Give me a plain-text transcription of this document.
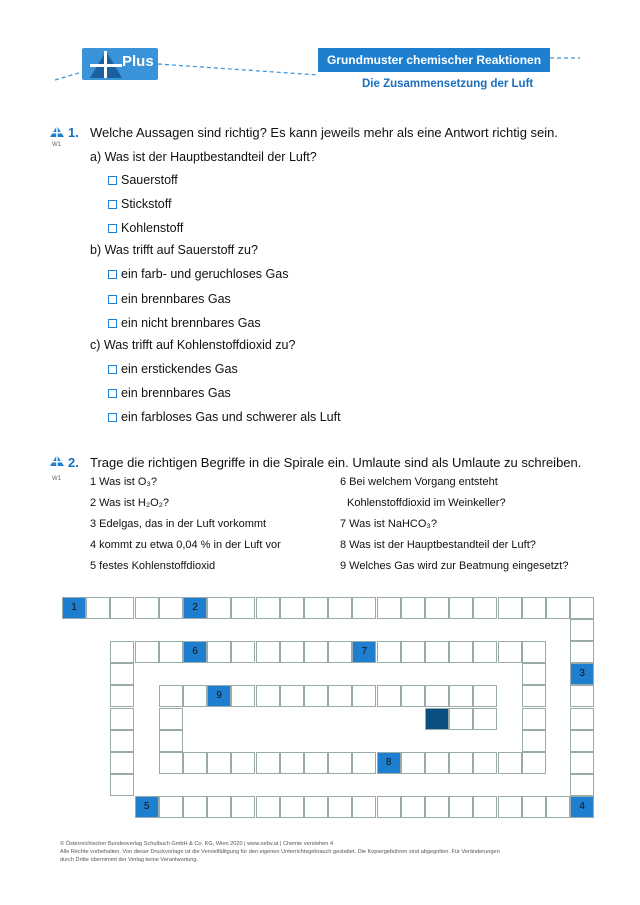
Plus	Grundmuster chemischer Reaktionen
Die Zusammensetzung der Luft
W1
1. Welche Aussagen sind richtig? Es kann jeweils mehr als eine Antwort richtig sein.
a) Was ist der Hauptbestandteil der Luft?
Sauerstoff
Stickstoff
Kohlenstoff
b) Was trifft auf Sauerstoff zu?
ein farb- und geruchloses Gas
ein brennbares Gas
ein nicht brennbares Gas
c) Was trifft auf Kohlenstoffdioxid zu?
ein erstickendes Gas
ein brennbares Gas
ein farbloses Gas und schwerer als Luft
W1
2. Trage die richtigen Begriffe in die Spirale ein. Umlaute sind als Umlaute zu schreiben.
1 Was ist O₃?
2 Was ist H₂O₂?
3 Edelgas, das in der Luft vorkommt
4 kommt zu etwa 0,04 % in der Luft vor
5 festes Kohlenstoffdioxid
6 Bei welchem Vorgang entsteht
Kohlenstoffdioxid im Weinkeller?
7 Was ist NaHCO₃?
8 Was ist der Hauptbestandteil der Luft?
9 Welches Gas wird zur Beatmung eingesetzt?
1	2
3
4
5
6	7
8
9
© Österreichischer Bundesverlag Schulbuch GmbH & Co. KG, Wien 2020 | www.oebv.at | Chemie verstehen 4
Alle Rechte vorbehalten. Von dieser Druckvorlage ist die Vervielfältigung für den eigenen Unterrichtsgebrauch gestattet. Die Kopiergebühren sind abgegolten. Für Veränderungen
durch Dritte übernimmt der Verlag keine Verantwortung.
